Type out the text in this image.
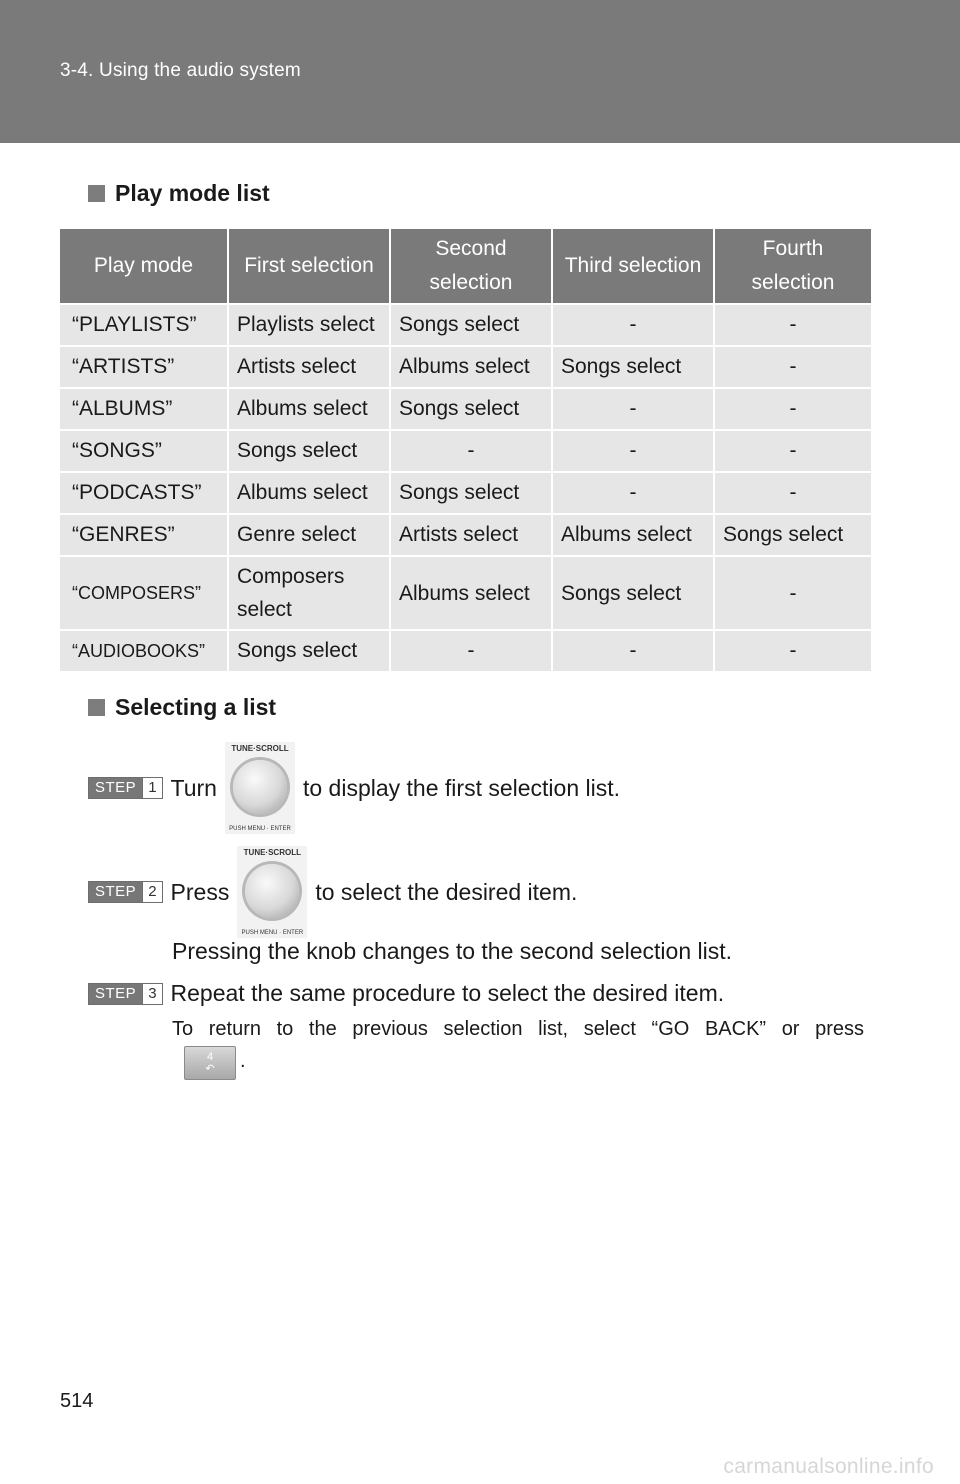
3-4. Using the audio system
Play mode list
Play mode	First selection	Second selection	Third selection	Fourth selection
“PLAYLISTS”	Playlists select	Songs select	-	-
“ARTISTS”	Artists select	Albums select	Songs select	-
“ALBUMS”	Albums select	Songs select	-	-
“SONGS”	Songs select	-	-	-
“PODCASTS”	Albums select	Songs select	-	-
“GENRES”	Genre select	Artists select	Albums select	Songs select
“COMPOSERS”	Composers select	Albums select	Songs select	-
“AUDIOBOOKS”	Songs select	-	-	-
Selecting a list
STEP 1 Turn
TUNE·SCROLL
PUSH MENU · ENTER
to display the first selection list.
STEP 2 Press
TUNE·SCROLL
PUSH MENU · ENTER
to select the desired item.
Pressing the knob changes to the second selection list.
STEP 3 Repeat the same procedure to select the desired item.
To return to the previous selection list, select “GO BACK” or press
4
↶ .
514
carmanualsonline.info
